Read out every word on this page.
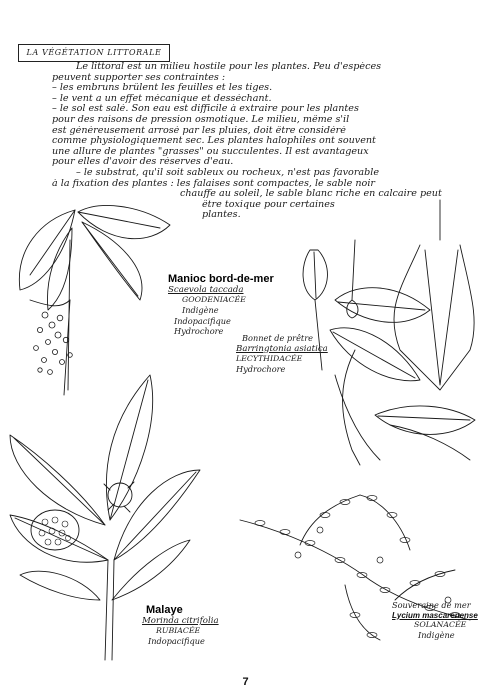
LA VÉGÉTATION LITTORALE
Le littoral est un milieu hostile pour les plantes. Peu d'espèces
peuvent supporter ses contraintes :
– les embruns brûlent les feuilles et les tiges.
– le vent a un effet mécanique et desséchant.
– le sol est salé. Son eau est difficile à extraire pour les plantes
pour des raisons de pression osmotique. Le milieu, même s'il
est généreusement arrosé par les pluies, doit être considéré
comme physiologiquement sec. Les plantes halophiles ont souvent
une allure de plantes "grasses" ou succulentes. Il est avantageux
pour elles d'avoir des réserves d'eau.
– le substrat, qu'il soit sableux ou rocheux, n'est pas favorable
à la fixation des plantes : les falaises sont compactes, le sable noir
chauffe au soleil, le sable blanc riche en calcaire peut
être toxique pour certaines
plantes.
Manioc bord-de-mer
Scaevola taccada
GOODENIACÉE
Indigène
Indopacifique
Hydrochore
Bonnet de prêtre
Barringtonia asiatica
LECYTHIDACÉE
Hydrochore
Malaye
Morinda citrifolia
RUBIACÉE
Indopacifique
Souveraine de mer
Lycium mascarenense
SOLANACÉE
Indigène
7
